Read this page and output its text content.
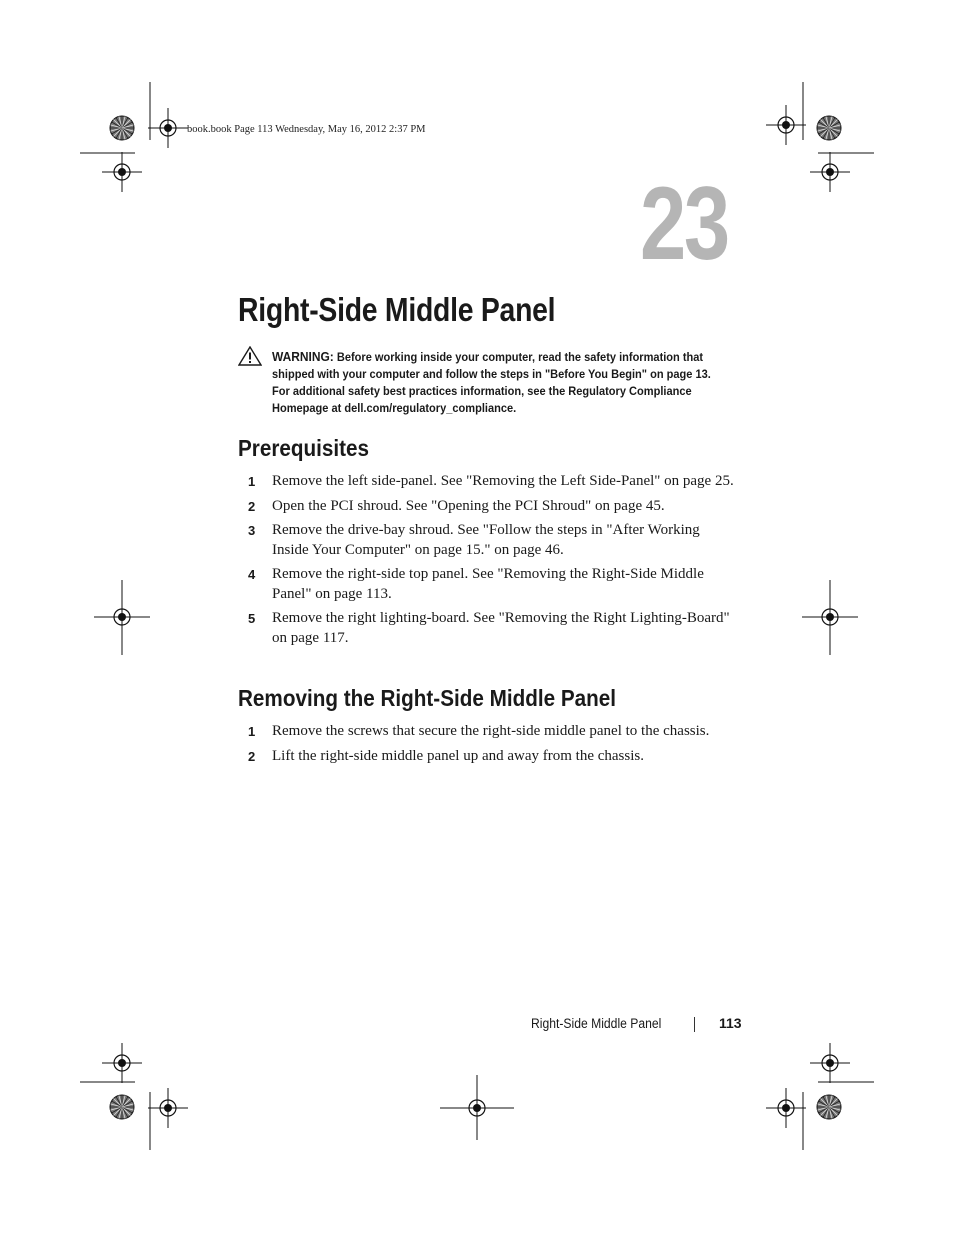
book.book Page 113 Wednesday, May 16, 2012 2:37 PM
23
Right-Side Middle Panel
WARNING: Before working inside your computer, read the safety information that shipped with your computer and follow the steps in "Before You Begin" on page 13. For additional safety best practices information, see the Regulatory Compliance Homepage at dell.com/regulatory_compliance.
Prerequisites
1 Remove the left side-panel. See "Removing the Left Side-Panel" on page 25.
2 Open the PCI shroud. See "Opening the PCI Shroud" on page 45.
3 Remove the drive-bay shroud. See "Follow the steps in "After Working Inside Your Computer" on page 15." on page 46.
4 Remove the right-side top panel. See "Removing the Right-Side Middle Panel" on page 113.
5 Remove the right lighting-board. See "Removing the Right Lighting-Board" on page 117.
Removing the Right-Side Middle Panel
1 Remove the screws that secure the right-side middle panel to the chassis.
2 Lift the right-side middle panel up and away from the chassis.
Right-Side Middle Panel	113
